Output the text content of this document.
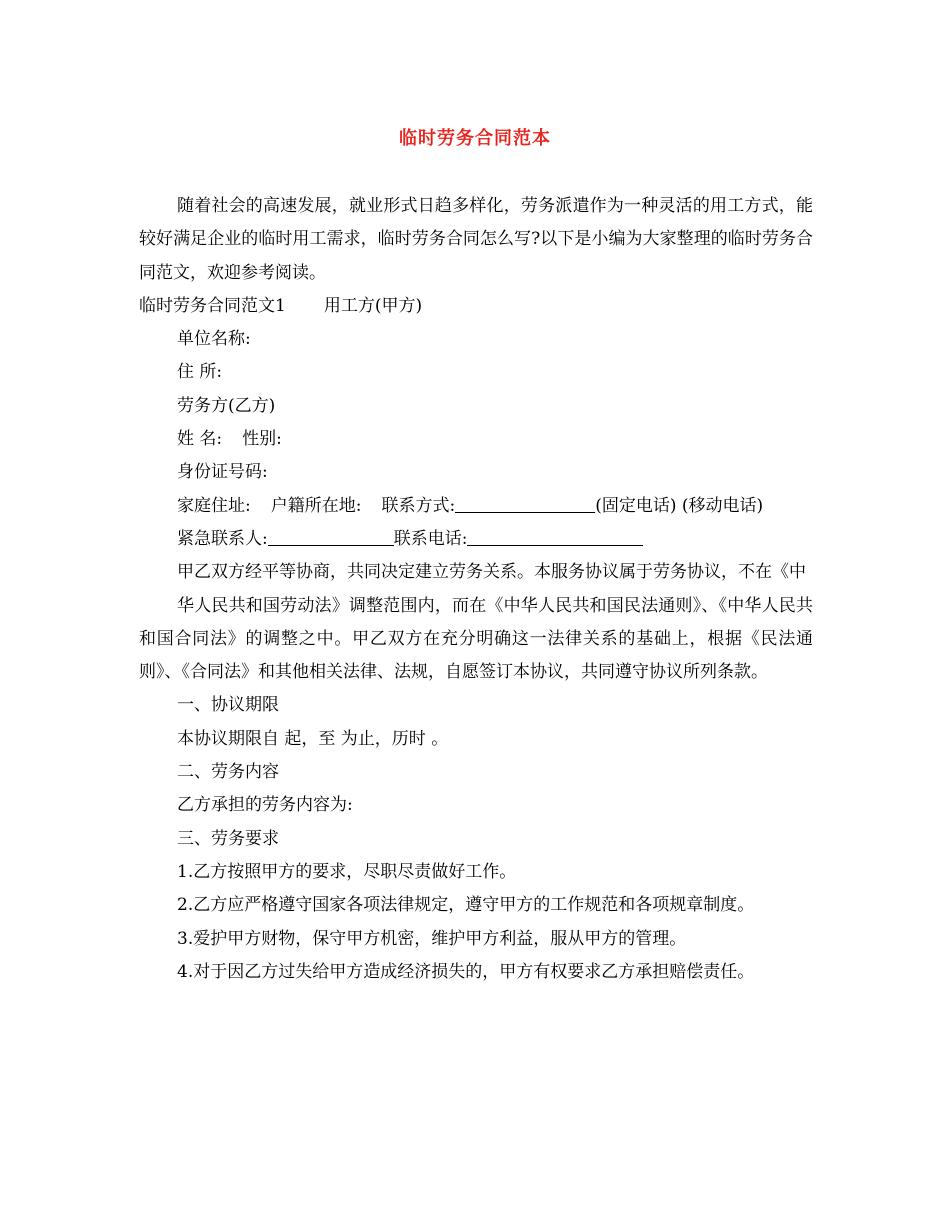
临时劳务合同范本

随着社会的高速发展，就业形式日趋多样化，劳务派遣作为一种灵活的用工方式，能较好满足企业的临时用工需求，临时劳务合同怎么写?以下是小编为大家整理的临时劳务合同范文，欢迎参考阅读。

临时劳务合同范文1 用工方(甲方)

单位名称:

住 所:

劳务方(乙方)

姓 名: 性别:

身份证号码:

家庭住址: 户籍所在地: 联系方式:	(固定电话) (移动电话)

紧急联系人:	联系电话:

甲乙双方经平等协商，共同决定建立劳务关系。本服务协议属于劳务协议，不在《中

华人民共和国劳动法》调整范围内，而在《中华人民共和国民法通则》、《中华人民共和国合同法》的调整之中。甲乙双方在充分明确这一法律关系的基础上，根据《民法通则》、《合同法》和其他相关法律、法规，自愿签订本协议，共同遵守协议所列条款。

一、协议期限

本协议期限自 起，至 为止，历时 。

二、劳务内容

乙方承担的劳务内容为:

三、劳务要求

1.乙方按照甲方的要求，尽职尽责做好工作。

2.乙方应严格遵守国家各项法律规定，遵守甲方的工作规范和各项规章制度。

3.爱护甲方财物，保守甲方机密，维护甲方利益，服从甲方的管理。

4.对于因乙方过失给甲方造成经济损失的，甲方有权要求乙方承担赔偿责任。
